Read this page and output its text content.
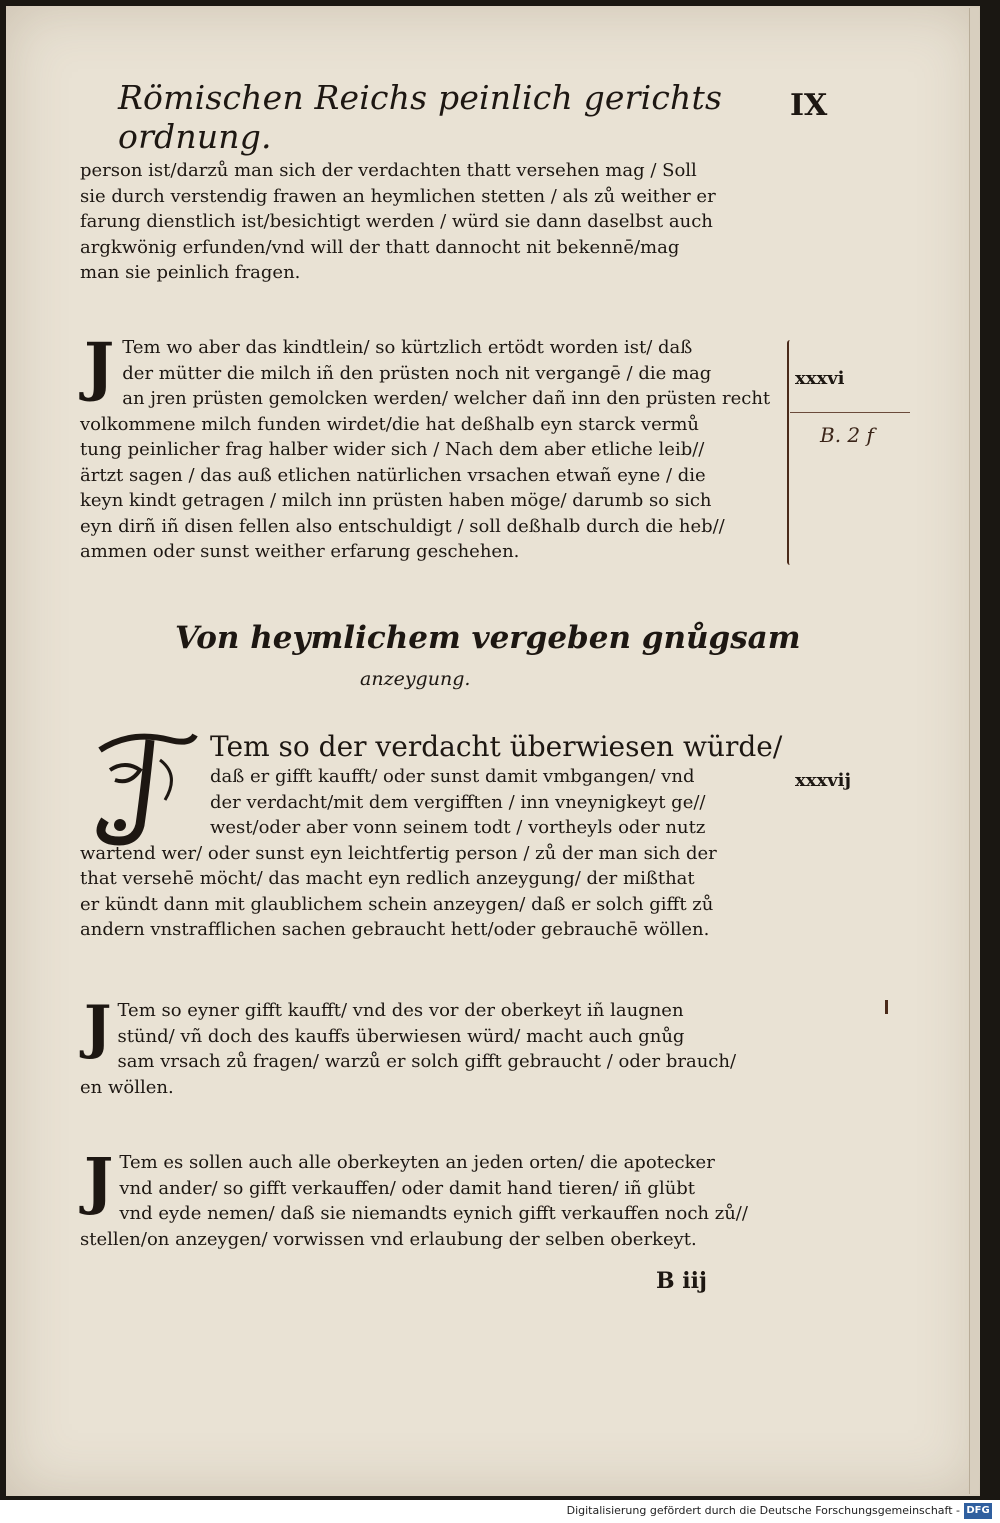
Römischen Reichs peinlich gerichts ordnung.
IX
person ist/darzů man sich der verdachten thatt versehen mag / Soll
sie durch verstendig frawen an heymlichen stetten / als zů weither er
farung dienstlich ist/besichtigt werden / würd sie dann daselbst auch
argkwönig erfunden/vnd will der thatt dannocht nit bekennē/mag
man sie peinlich fragen.
xxxvi
B. 2 f
J Tem wo aber das kindtlein/ so kürtzlich ertödt worden ist/ daß
der mütter die milch iñ den prüsten noch nit vergangē / die mag
an jren prüsten gemolcken werden/ welcher dañ inn den prüsten recht
volkommene milch funden wirdet/die hat deßhalb eyn starck vermů
tung peinlicher frag halber wider sich / Nach dem aber etliche leib//
ärtzt sagen / das auß etlichen natürlichen vrsachen etwañ eyne / die
keyn kindt getragen / milch inn prüsten haben möge/ darumb so sich
eyn dirñ iñ disen fellen also entschuldigt / soll deßhalb durch die heb//
ammen oder sunst weither erfarung geschehen.
Von heymlichem vergeben gnůgsam
anzeygung.
Tem so der verdacht überwiesen würde/
daß er gifft kaufft/ oder sunst damit vmbgangen/ vnd
der verdacht/mit dem vergifften / inn vneynigkeyt ge//
west/oder aber vonn seinem todt / vortheyls oder nutz
wartend wer/ oder sunst eyn leichtfertig person / zů der man sich der
that versehē möcht/ das macht eyn redlich anzeygung/ der mißthat
er kündt dann mit glaublichem schein anzeygen/ daß er solch gifft zů
andern vnstrafflichen sachen gebraucht hett/oder gebrauchē wöllen.
xxxvij
J Tem so eyner gifft kaufft/ vnd des vor der oberkeyt iñ laugnen
stünd/ vñ doch des kauffs überwiesen würd/ macht auch gnůg
sam vrsach zů fragen/ warzů er solch gifft gebraucht / oder brauch/
en wöllen.
J Tem es sollen auch alle oberkeyten an jeden orten/ die apotecker
vnd ander/ so gifft verkauffen/ oder damit hand tieren/ iñ glübt
vnd eyde nemen/ daß sie niemandts eynich gifft verkauffen noch zů//
stellen/on anzeygen/ vorwissen vnd erlaubung der selben oberkeyt.
B iij
Digitalisierung gefördert durch die Deutsche Forschungsgemeinschaft - DFG
